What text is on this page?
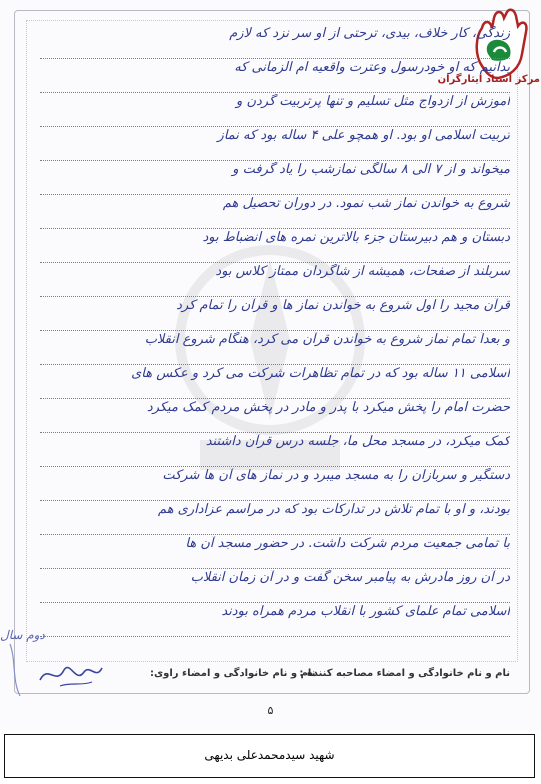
مرکز اسناد ایثارگران
زندگی، کار خلاف، بیدی، ترحتی از او سر نزد که لازم
بدانیم که او خودرسول وعترت واقعیه ام الزمانی که
آموزش از ازدواج مثل تسلیم و تنها پرتربیت گردن و
تربیت اسلامی او بود. او همچو علی ۴ ساله بود که نماز
میخواند و از ۷ الی ۸ سالگی نمازشب را یاد گرفت و
شروع به خواندن نماز شب نمود. در دوران تحصیل هم
دبستان و هم دبیرستان جزء بالاترین نمره های انضباط بود
سربلند از صفحات، همیشه از شاگردان ممتاز کلاس بود
قرآن مجید را اول شروع به خواندن نماز ها و قرآن را تمام کرد
و بعداً تمام نماز شروع به خواندن قرآن می کرد، هنگام شروع انقلاب
اسلامی ۱۱ ساله بود که در تمام تظاهرات شرکت می کرد و عکس های
حضرت امام را پخش میکرد با پدر و مادر در پخش مردم کمک میکرد
کمک میکرد، در مسجد محل ما، جلسه درس قرآن داشتند
دستگیر و سربازان را به مسجد میبرد و در نماز های آن ها شرکت
بودند، و او با تمام تلاش در تدارکات بود که در مراسم عزاداری هم
با تمامی جمعیت مردم شرکت داشت. در حضور مسجد آن ها
در آن روز مادرش به پیامبر سخن گفت و در آن زمان انقلاب
اسلامی تمام علمای کشور با انقلاب مردم همراه بودند
دوم سال
نام و نام خانوادگی و امضاء مصاحبه کننده :
نام و نام خانوادگی و امضاء راوی:
۵
شهید سیدمحمدعلی بدیهی
